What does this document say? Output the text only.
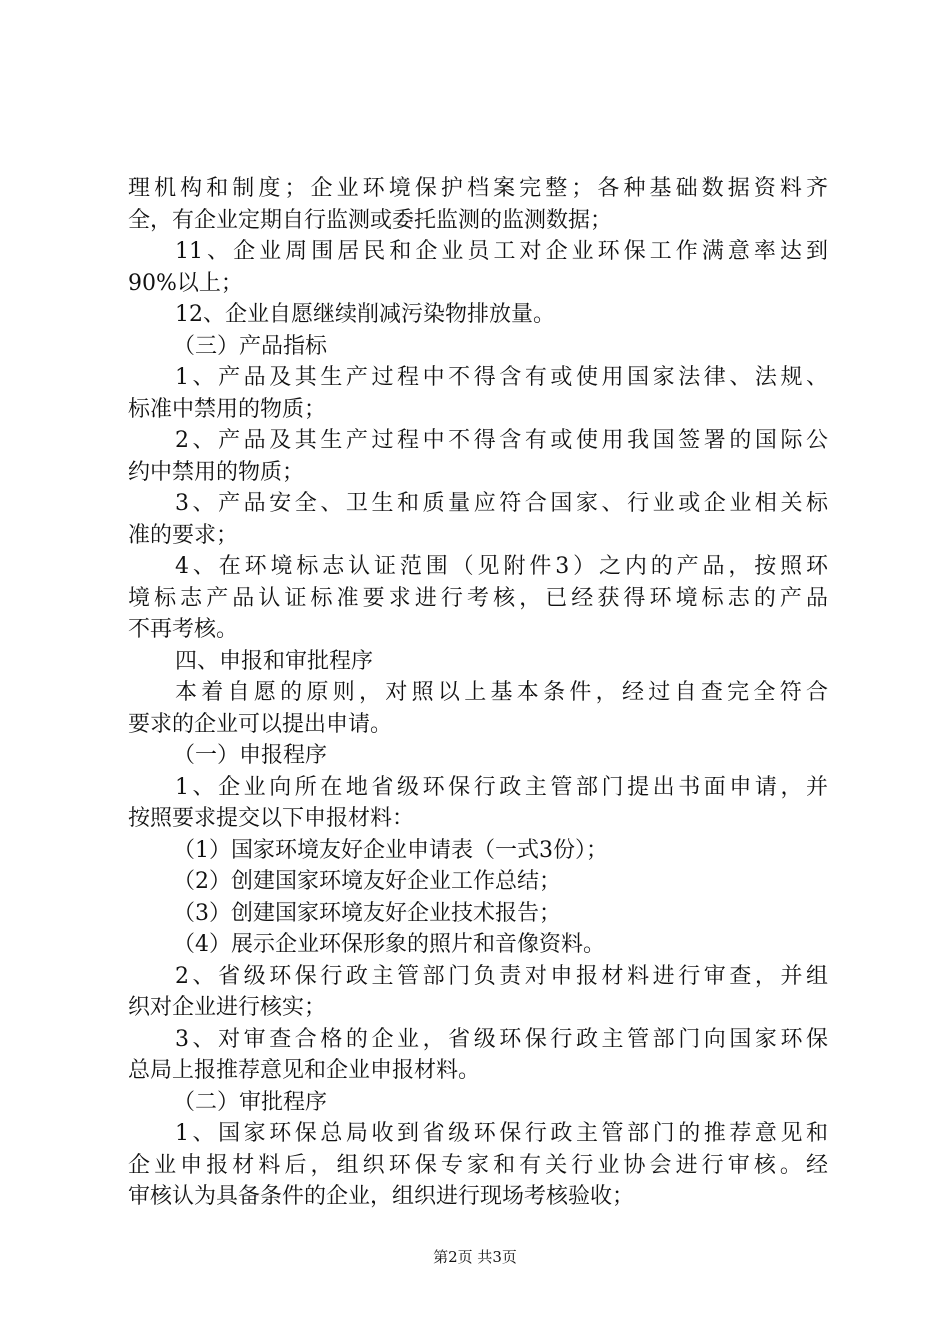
理机构和制度；企业环境保护档案完整；各种基础数据资料齐
全，有企业定期自行监测或委托监测的监测数据；
11、企业周围居民和企业员工对企业环保工作满意率达到
90%以上；
12、企业自愿继续削减污染物排放量。
（三）产品指标
1、产品及其生产过程中不得含有或使用国家法律、法规、
标准中禁用的物质；
2、产品及其生产过程中不得含有或使用我国签署的国际公
约中禁用的物质；
3、产品安全、卫生和质量应符合国家、行业或企业相关标
准的要求；
4、在环境标志认证范围（见附件3）之内的产品，按照环
境标志产品认证标准要求进行考核，已经获得环境标志的产品
不再考核。
四、申报和审批程序
本着自愿的原则，对照以上基本条件，经过自查完全符合
要求的企业可以提出申请。
（一）申报程序
1、企业向所在地省级环保行政主管部门提出书面申请，并
按照要求提交以下申报材料：
（1）国家环境友好企业申请表（一式3份）；
（2）创建国家环境友好企业工作总结；
（3）创建国家环境友好企业技术报告；
（4）展示企业环保形象的照片和音像资料。
2、省级环保行政主管部门负责对申报材料进行审查，并组
织对企业进行核实；
3、对审查合格的企业，省级环保行政主管部门向国家环保
总局上报推荐意见和企业申报材料。
（二）审批程序
1、国家环保总局收到省级环保行政主管部门的推荐意见和
企业申报材料后，组织环保专家和有关行业协会进行审核。经
审核认为具备条件的企业，组织进行现场考核验收；
第2页 共3页
